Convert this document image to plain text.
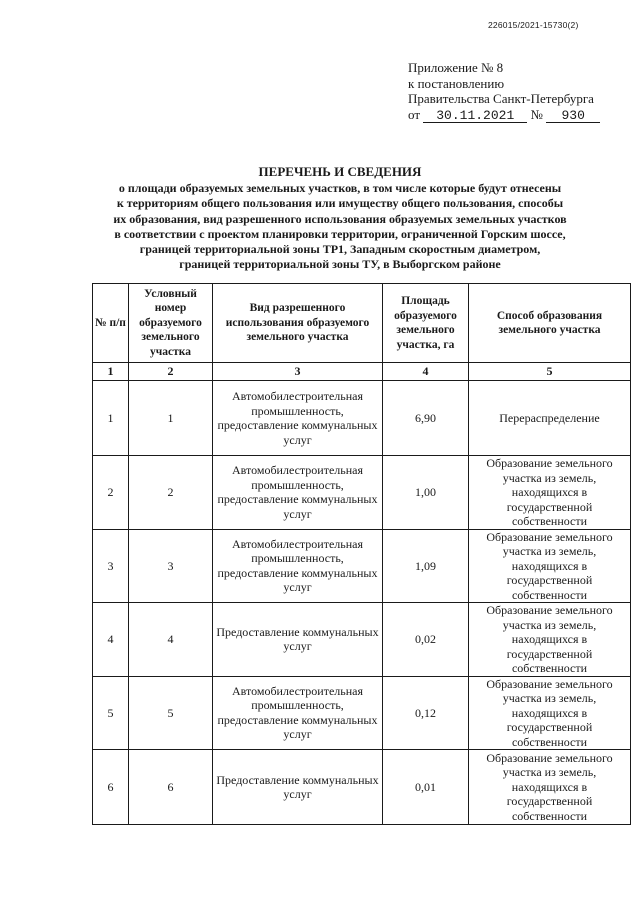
226015/2021-15730(2)
Приложение № 8
к постановлению
Правительства Санкт-Петербурга
от 30.11.2021 № 930
ПЕРЕЧЕНЬ И СВЕДЕНИЯ
о площади образуемых земельных участков, в том числе которые будут отнесены
к территориям общего пользования или имуществу общего пользования, способы
их образования, вид разрешенного использования образуемых земельных участков
в соответствии с проектом планировки территории, ограниченной Горским шоссе,
границей территориальной зоны ТР1, Западным скоростным диаметром,
границей территориальной зоны ТУ, в Выборгском районе
№ п/п	Условный номер образуемого земельного участка	Вид разрешенного использования образуемого земельного участка	Площадь образуемого земельного участка, га	Способ образования земельного участка
1	2	3	4	5
1	1	Автомобилестроительная промышленность, предоставление коммунальных услуг	6,90	Перераспределение
2	2	Автомобилестроительная промышленность, предоставление коммунальных услуг	1,00	Образование земельного участка из земель, находящихся в государственной собственности
3	3	Автомобилестроительная промышленность, предоставление коммунальных услуг	1,09	Образование земельного участка из земель, находящихся в государственной собственности
4	4	Предоставление коммунальных услуг	0,02	Образование земельного участка из земель, находящихся в государственной собственности
5	5	Автомобилестроительная промышленность, предоставление коммунальных услуг	0,12	Образование земельного участка из земель, находящихся в государственной собственности
6	6	Предоставление коммунальных услуг	0,01	Образование земельного участка из земель, находящихся в государственной собственности
